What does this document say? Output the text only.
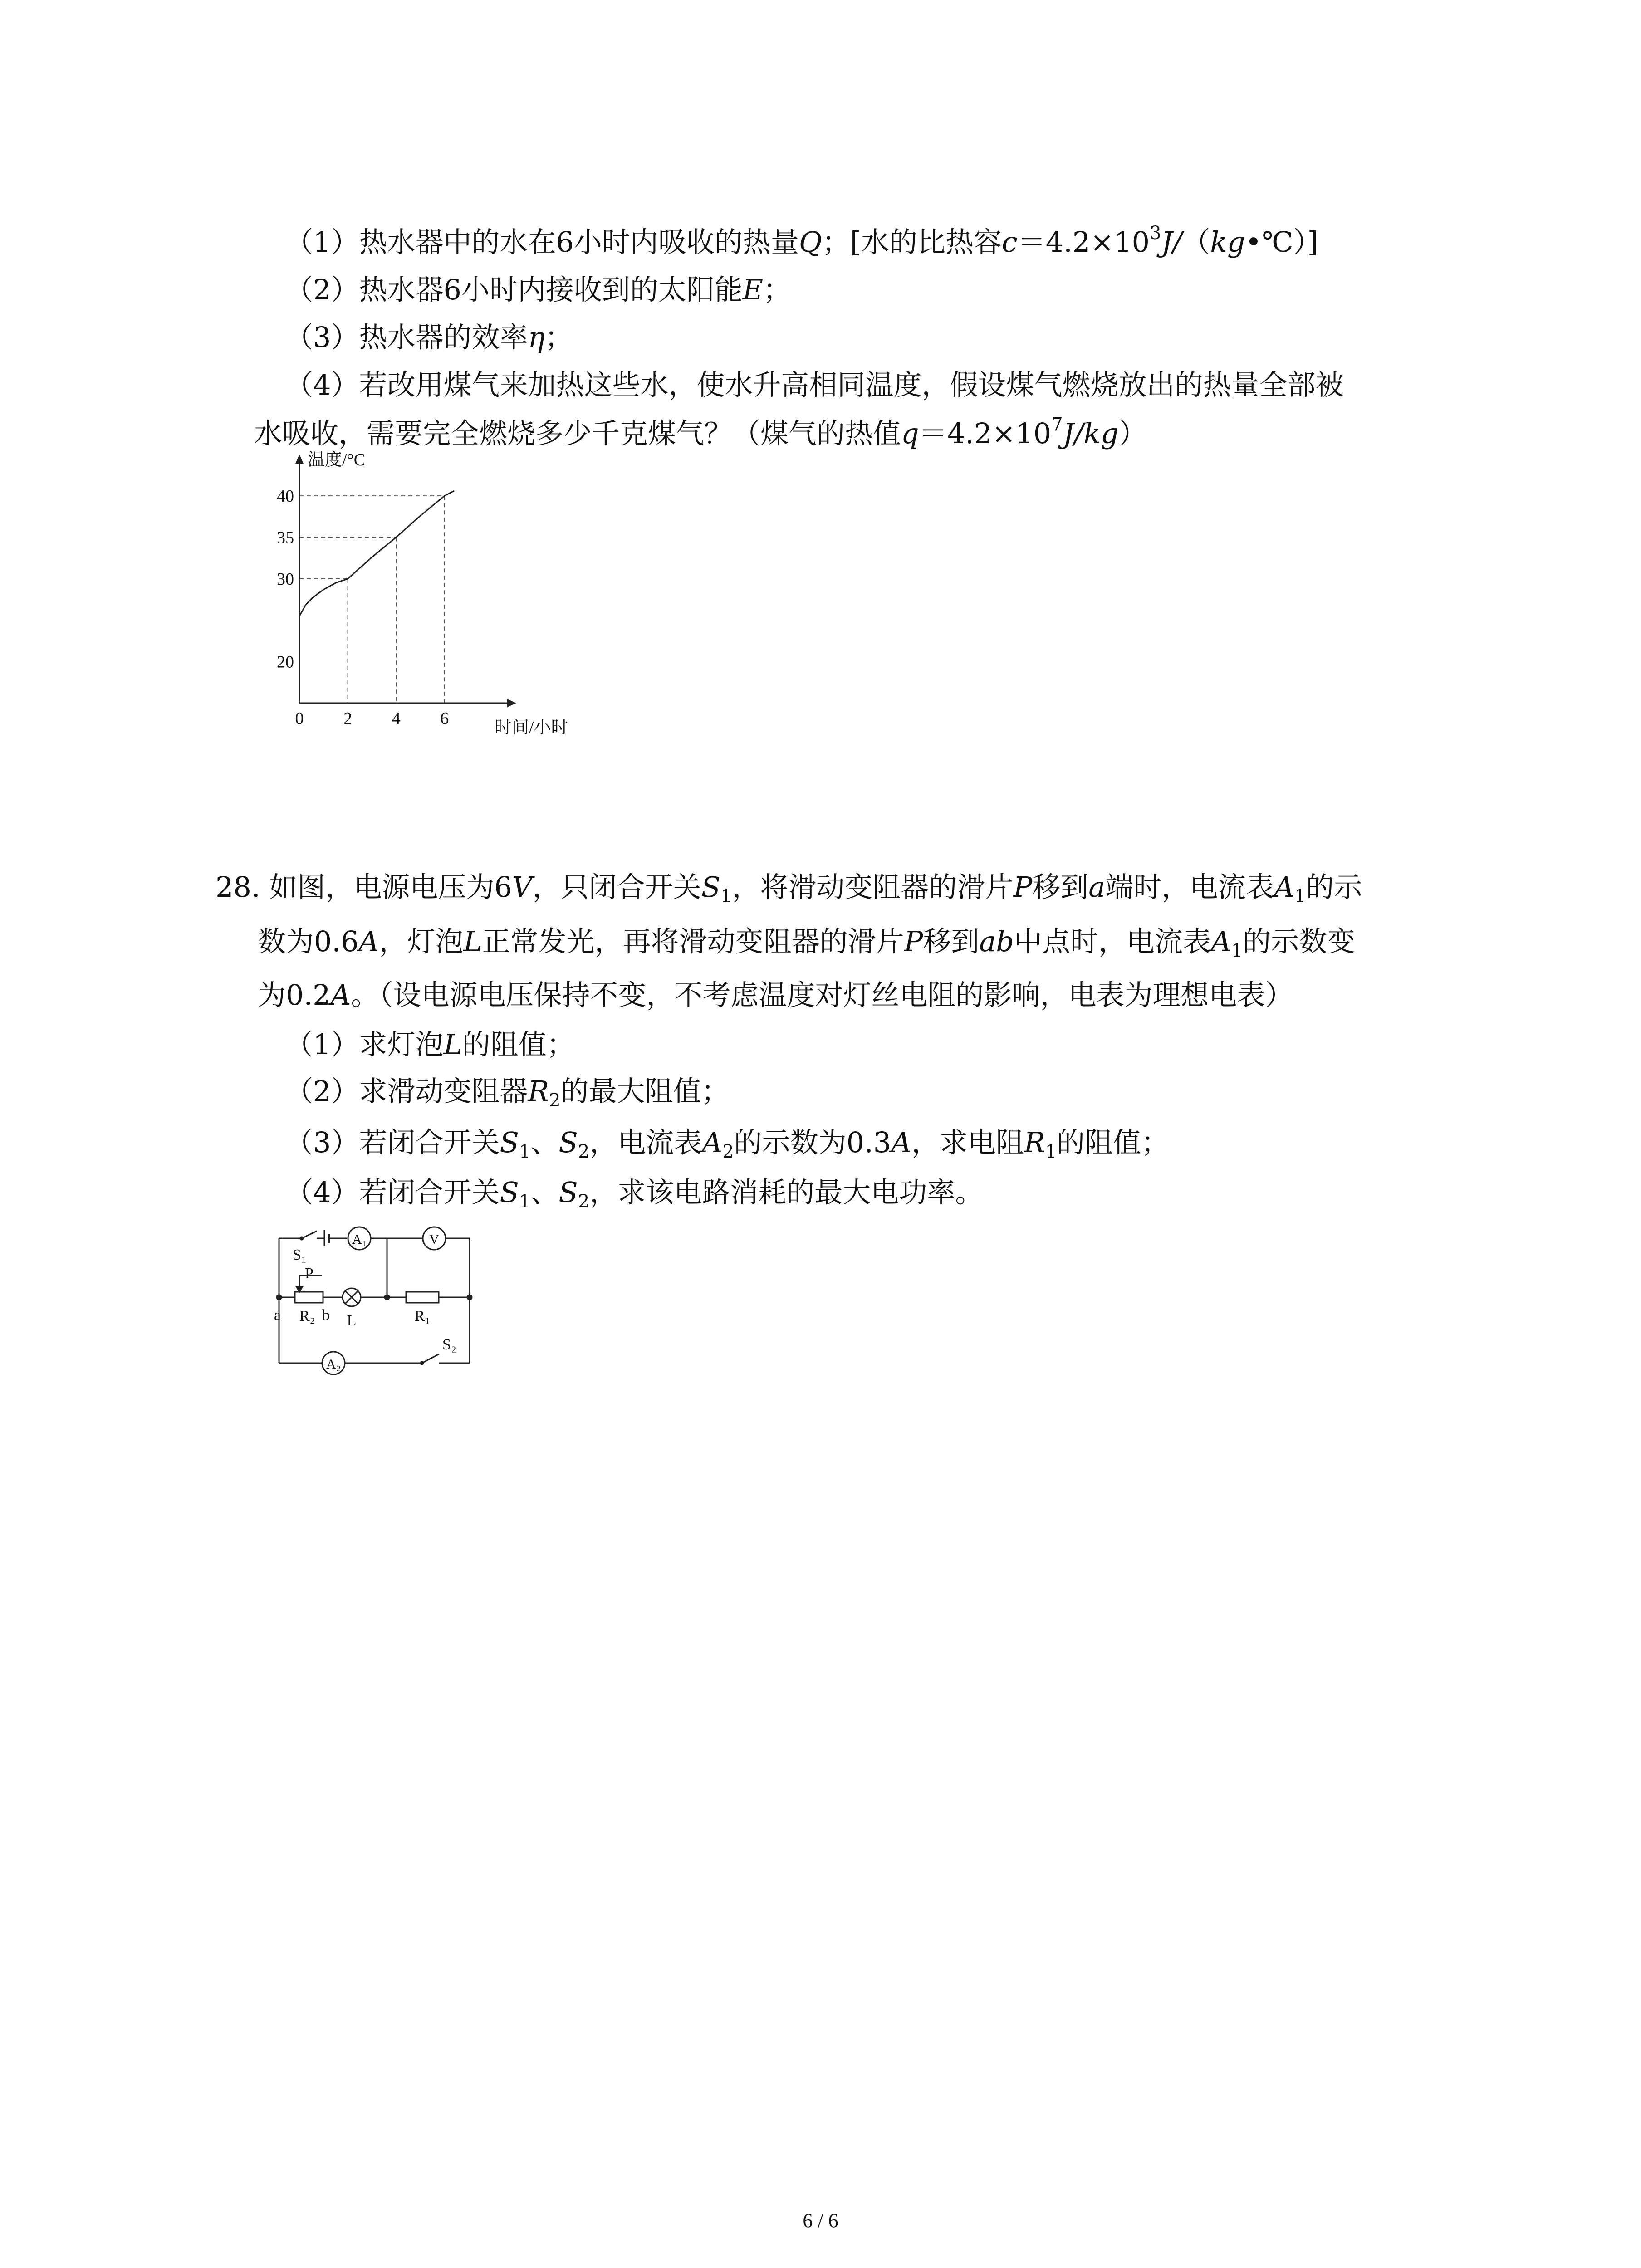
（1）热水器中的水在6小时内吸收的热量Q；[水的比热容$c=4.2\times 10^3J/(kg•℃)$]
（2）热水器6小时内接收到的太阳能E；
（3）热水器的效率η；
（4）若改用煤气来加热这些水，使水升高相同温度，假设煤气燃烧放出的热量全部被
水吸收，需要完全燃烧多少千克煤气？（煤气的热值$q=4.2\times 10^7J/kg$）
0 2 4 6
20
30
35
40
温度/°C
时间/小时
28. 如图，电源电压为6V，只闭合开关$S_1$，将滑动变阻器的滑片P移到a端时，电流表$A_1$的示
数为0.6A，灯泡L正常发光，再将滑动变阻器的滑片P移到ab中点时，电流表$A_1$的示数变
为0.2A。（设电源电压保持不变，不考虑温度对灯丝电阻的影响，电表为理想电表）
（1）求灯泡L的阻值；
（2）求滑动变阻器$R_2$的最大阻值；
（3）若闭合开关$S_1$、$S_2$，电流表$A_2$的示数为0.3A，求电阻$R_1$的阻值；
（4）若闭合开关$S_1$、$S_2$，求该电路消耗的最大电功率。
S₁
A₁	V
P
a R₂ b L	R₁
A₂
S₂
6 / 6
